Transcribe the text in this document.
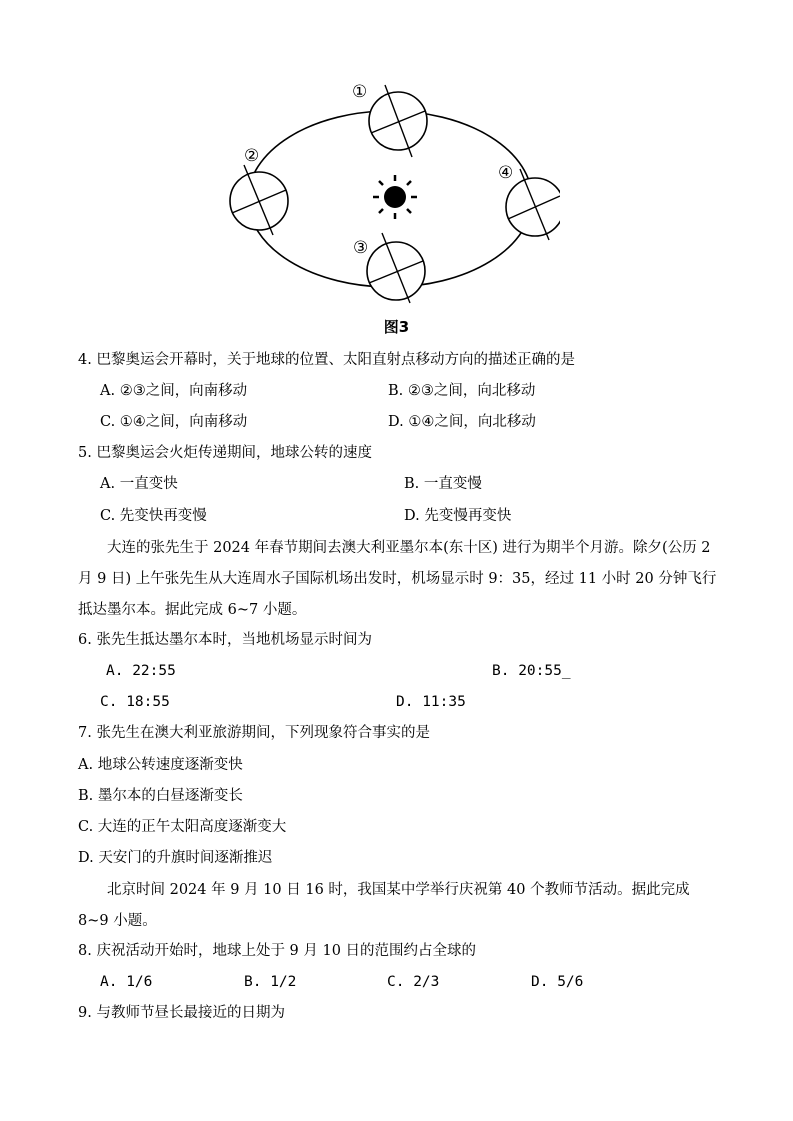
①
②
③
④
图3
4. 巴黎奥运会开幕时，关于地球的位置、太阳直射点移动方向的描述正确的是
A. ②③之间，向南移动	B. ②③之间，向北移动
C. ①④之间，向南移动	D. ①④之间，向北移动
5. 巴黎奥运会火炬传递期间，地球公转的速度
A. 一直变快	B. 一直变慢
C. 先变快再变慢	D. 先变慢再变快
大连的张先生于 2024 年春节期间去澳大利亚墨尔本(东十区) 进行为期半个月游。除夕(公历 2 月 9 日) 上午张先生从大连周水子国际机场出发时，机场显示时 9：35，经过 11 小时 20 分钟飞行抵达墨尔本。据此完成 6~7 小题。
6. 张先生抵达墨尔本时，当地机场显示时间为
A. 22:55	B. 20:55_
C. 18:55	D. 11:35
7. 张先生在澳大利亚旅游期间，下列现象符合事实的是
A. 地球公转速度逐渐变快
B. 墨尔本的白昼逐渐变长
C. 大连的正午太阳高度逐渐变大
D. 天安门的升旗时间逐渐推迟
北京时间 2024 年 9 月 10 日 16 时，我国某中学举行庆祝第 40 个教师节活动。据此完成 8~9 小题。
8. 庆祝活动开始时，地球上处于 9 月 10 日的范围约占全球的
A. 1/6	B. 1/2	C. 2/3	D. 5/6
9. 与教师节昼长最接近的日期为
